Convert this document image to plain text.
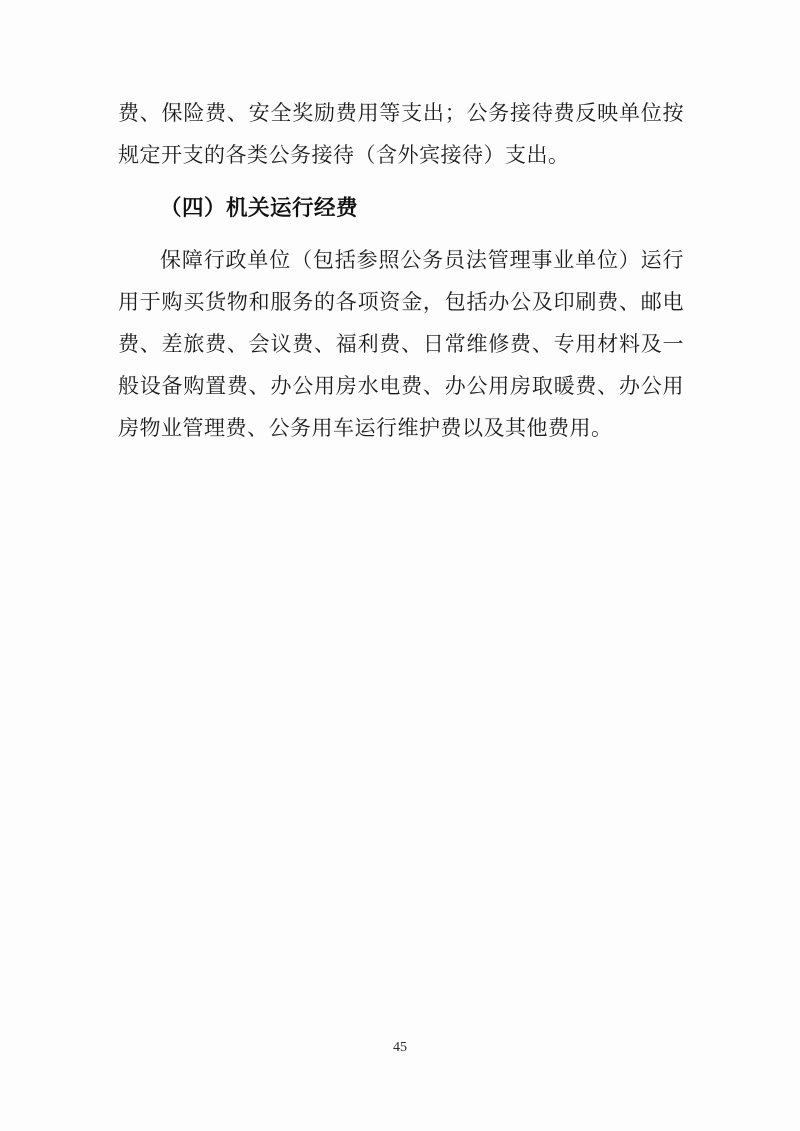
费、保险费、安全奖励费用等支出；公务接待费反映单位按规定开支的各类公务接待（含外宾接待）支出。

（四）机关运行经费

保障行政单位（包括参照公务员法管理事业单位）运行用于购买货物和服务的各项资金，包括办公及印刷费、邮电费、差旅费、会议费、福利费、日常维修费、专用材料及一般设备购置费、办公用房水电费、办公用房取暖费、办公用房物业管理费、公务用车运行维护费以及其他费用。

45
